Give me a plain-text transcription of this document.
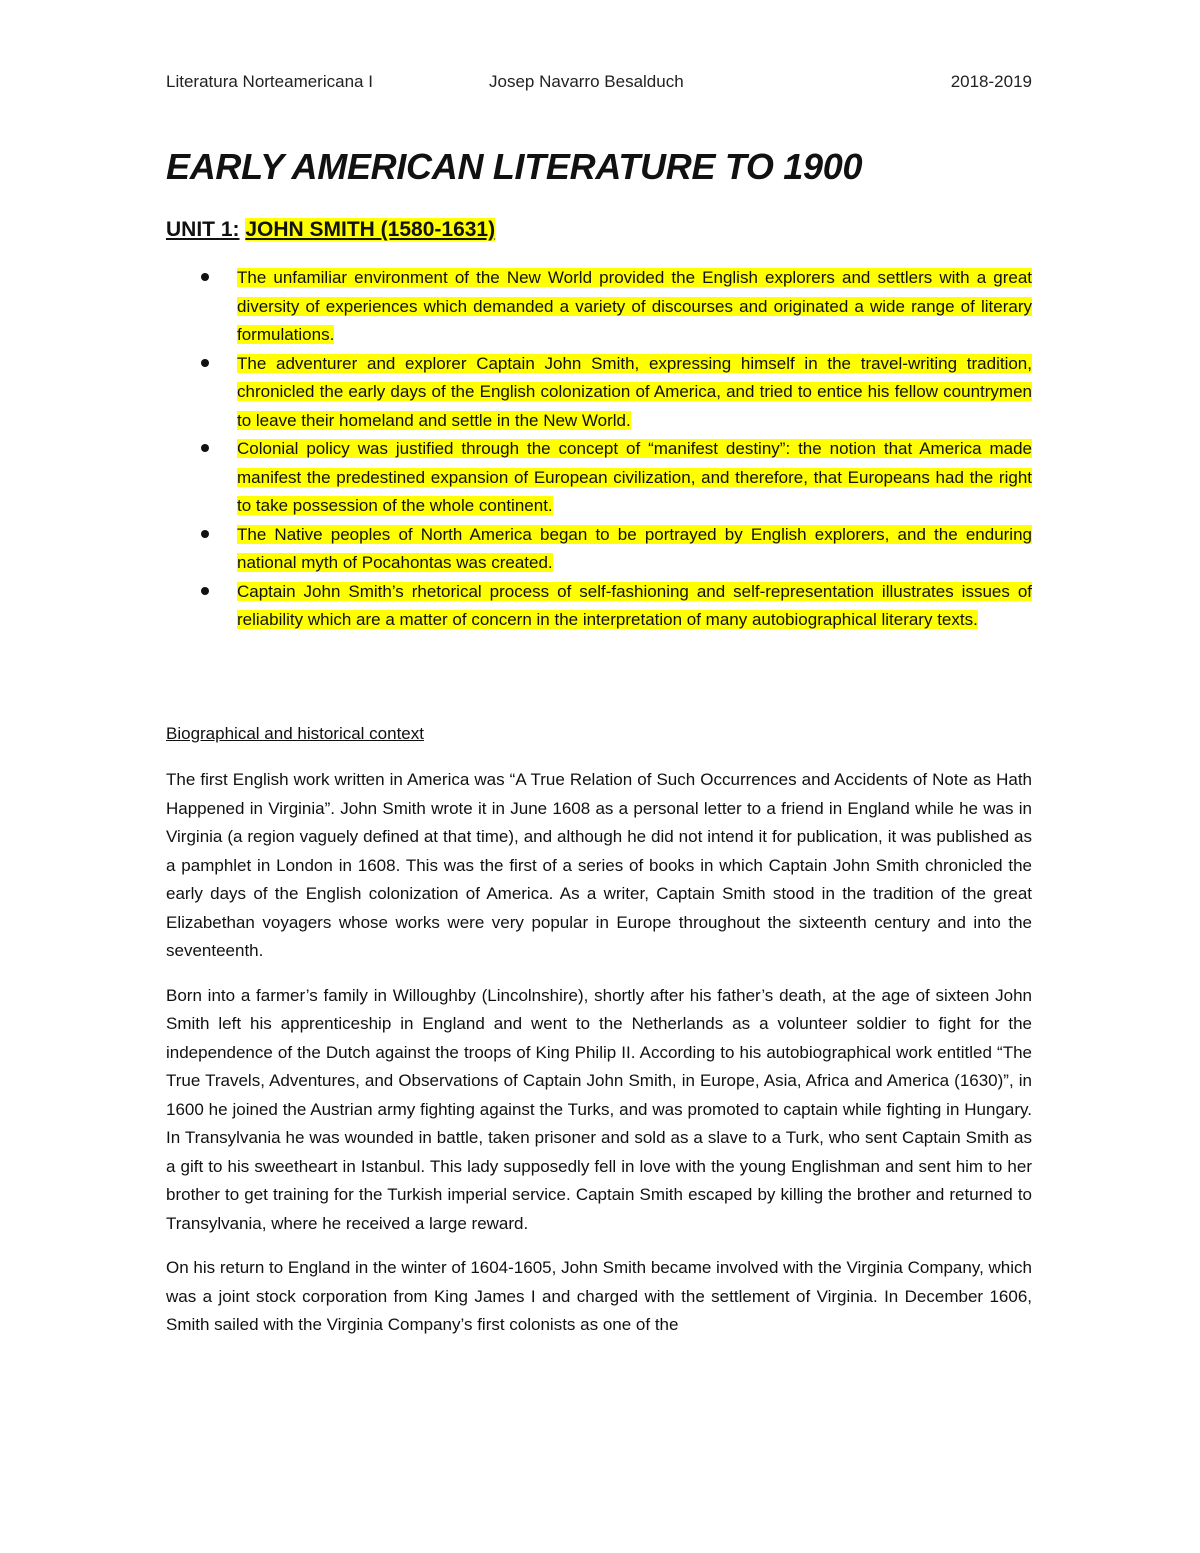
Literatura Norteamericana I	Josep Navarro Besalduch	2018-2019
EARLY AMERICAN LITERATURE TO 1900
UNIT 1: JOHN SMITH (1580-1631)
The unfamiliar environment of the New World provided the English explorers and settlers with a great diversity of experiences which demanded a variety of discourses and originated a wide range of literary formulations.
The adventurer and explorer Captain John Smith, expressing himself in the travel-writing tradition, chronicled the early days of the English colonization of America, and tried to entice his fellow countrymen to leave their homeland and settle in the New World.
Colonial policy was justified through the concept of “manifest destiny”: the notion that America made manifest the predestined expansion of European civilization, and therefore, that Europeans had the right to take possession of the whole continent.
The Native peoples of North America began to be portrayed by English explorers, and the enduring national myth of Pocahontas was created.
Captain John Smith’s rhetorical process of self-fashioning and self-representation illustrates issues of reliability which are a matter of concern in the interpretation of many autobiographical literary texts.
Biographical and historical context

The first English work written in America was “A True Relation of Such Occurrences and Accidents of Note as Hath Happened in Virginia”. John Smith wrote it in June 1608 as a personal letter to a friend in England while he was in Virginia (a region vaguely defined at that time), and although he did not intend it for publication, it was published as a pamphlet in London in 1608. This was the first of a series of books in which Captain John Smith chronicled the early days of the English colonization of America. As a writer, Captain Smith stood in the tradition of the great Elizabethan voyagers whose works were very popular in Europe throughout the sixteenth century and into the seventeenth.

Born into a farmer’s family in Willoughby (Lincolnshire), shortly after his father’s death, at the age of sixteen John Smith left his apprenticeship in England and went to the Netherlands as a volunteer soldier to fight for the independence of the Dutch against the troops of King Philip II. According to his autobiographical work entitled “The True Travels, Adventures, and Observations of Captain John Smith, in Europe, Asia, Africa and America (1630)”, in 1600 he joined the Austrian army fighting against the Turks, and was promoted to captain while fighting in Hungary. In Transylvania he was wounded in battle, taken prisoner and sold as a slave to a Turk, who sent Captain Smith as a gift to his sweetheart in Istanbul. This lady supposedly fell in love with the young Englishman and sent him to her brother to get training for the Turkish imperial service. Captain Smith escaped by killing the brother and returned to Transylvania, where he received a large reward.

On his return to England in the winter of 1604-1605, John Smith became involved with the Virginia Company, which was a joint stock corporation from King James I and charged with the settlement of Virginia. In December 1606, Smith sailed with the Virginia Company’s first colonists as one of the
